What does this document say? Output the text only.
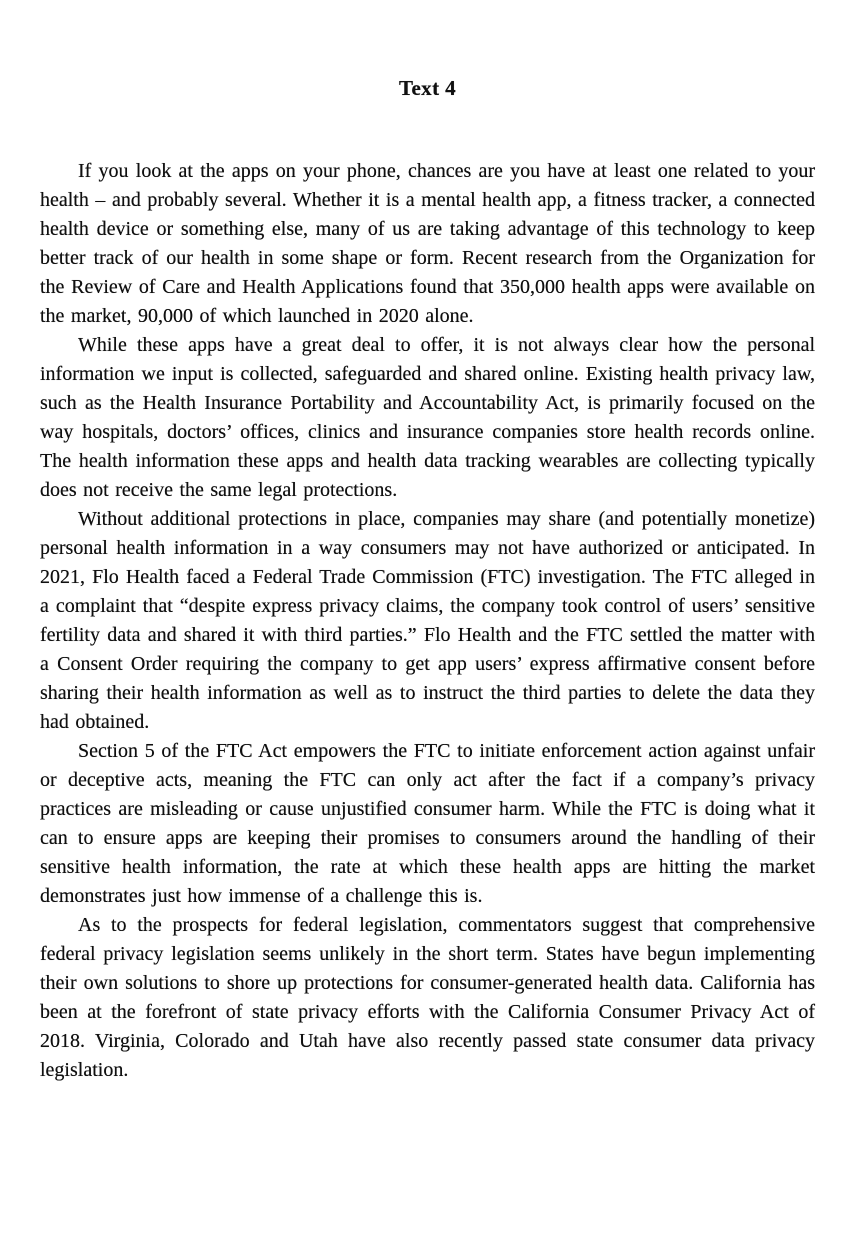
Text 4

If you look at the apps on your phone, chances are you have at least one related to your health – and probably several. Whether it is a mental health app, a fitness tracker, a connected health device or something else, many of us are taking advantage of this technology to keep better track of our health in some shape or form. Recent research from the Organization for the Review of Care and Health Applications found that 350,000 health apps were available on the market, 90,000 of which launched in 2020 alone.

While these apps have a great deal to offer, it is not always clear how the personal information we input is collected, safeguarded and shared online. Existing health privacy law, such as the Health Insurance Portability and Accountability Act, is primarily focused on the way hospitals, doctors’ offices, clinics and insurance companies store health records online. The health information these apps and health data tracking wearables are collecting typically does not receive the same legal protections.

Without additional protections in place, companies may share (and potentially monetize) personal health information in a way consumers may not have authorized or anticipated. In 2021, Flo Health faced a Federal Trade Commission (FTC) investigation. The FTC alleged in a complaint that “despite express privacy claims, the company took control of users’ sensitive fertility data and shared it with third parties.” Flo Health and the FTC settled the matter with a Consent Order requiring the company to get app users’ express affirmative consent before sharing their health information as well as to instruct the third parties to delete the data they had obtained.

Section 5 of the FTC Act empowers the FTC to initiate enforcement action against unfair or deceptive acts, meaning the FTC can only act after the fact if a company’s privacy practices are misleading or cause unjustified consumer harm. While the FTC is doing what it can to ensure apps are keeping their promises to consumers around the handling of their sensitive health information, the rate at which these health apps are hitting the market demonstrates just how immense of a challenge this is.

As to the prospects for federal legislation, commentators suggest that comprehensive federal privacy legislation seems unlikely in the short term. States have begun implementing their own solutions to shore up protections for consumer-generated health data. California has been at the forefront of state privacy efforts with the California Consumer Privacy Act of 2018. Virginia, Colorado and Utah have also recently passed state consumer data privacy legislation.
